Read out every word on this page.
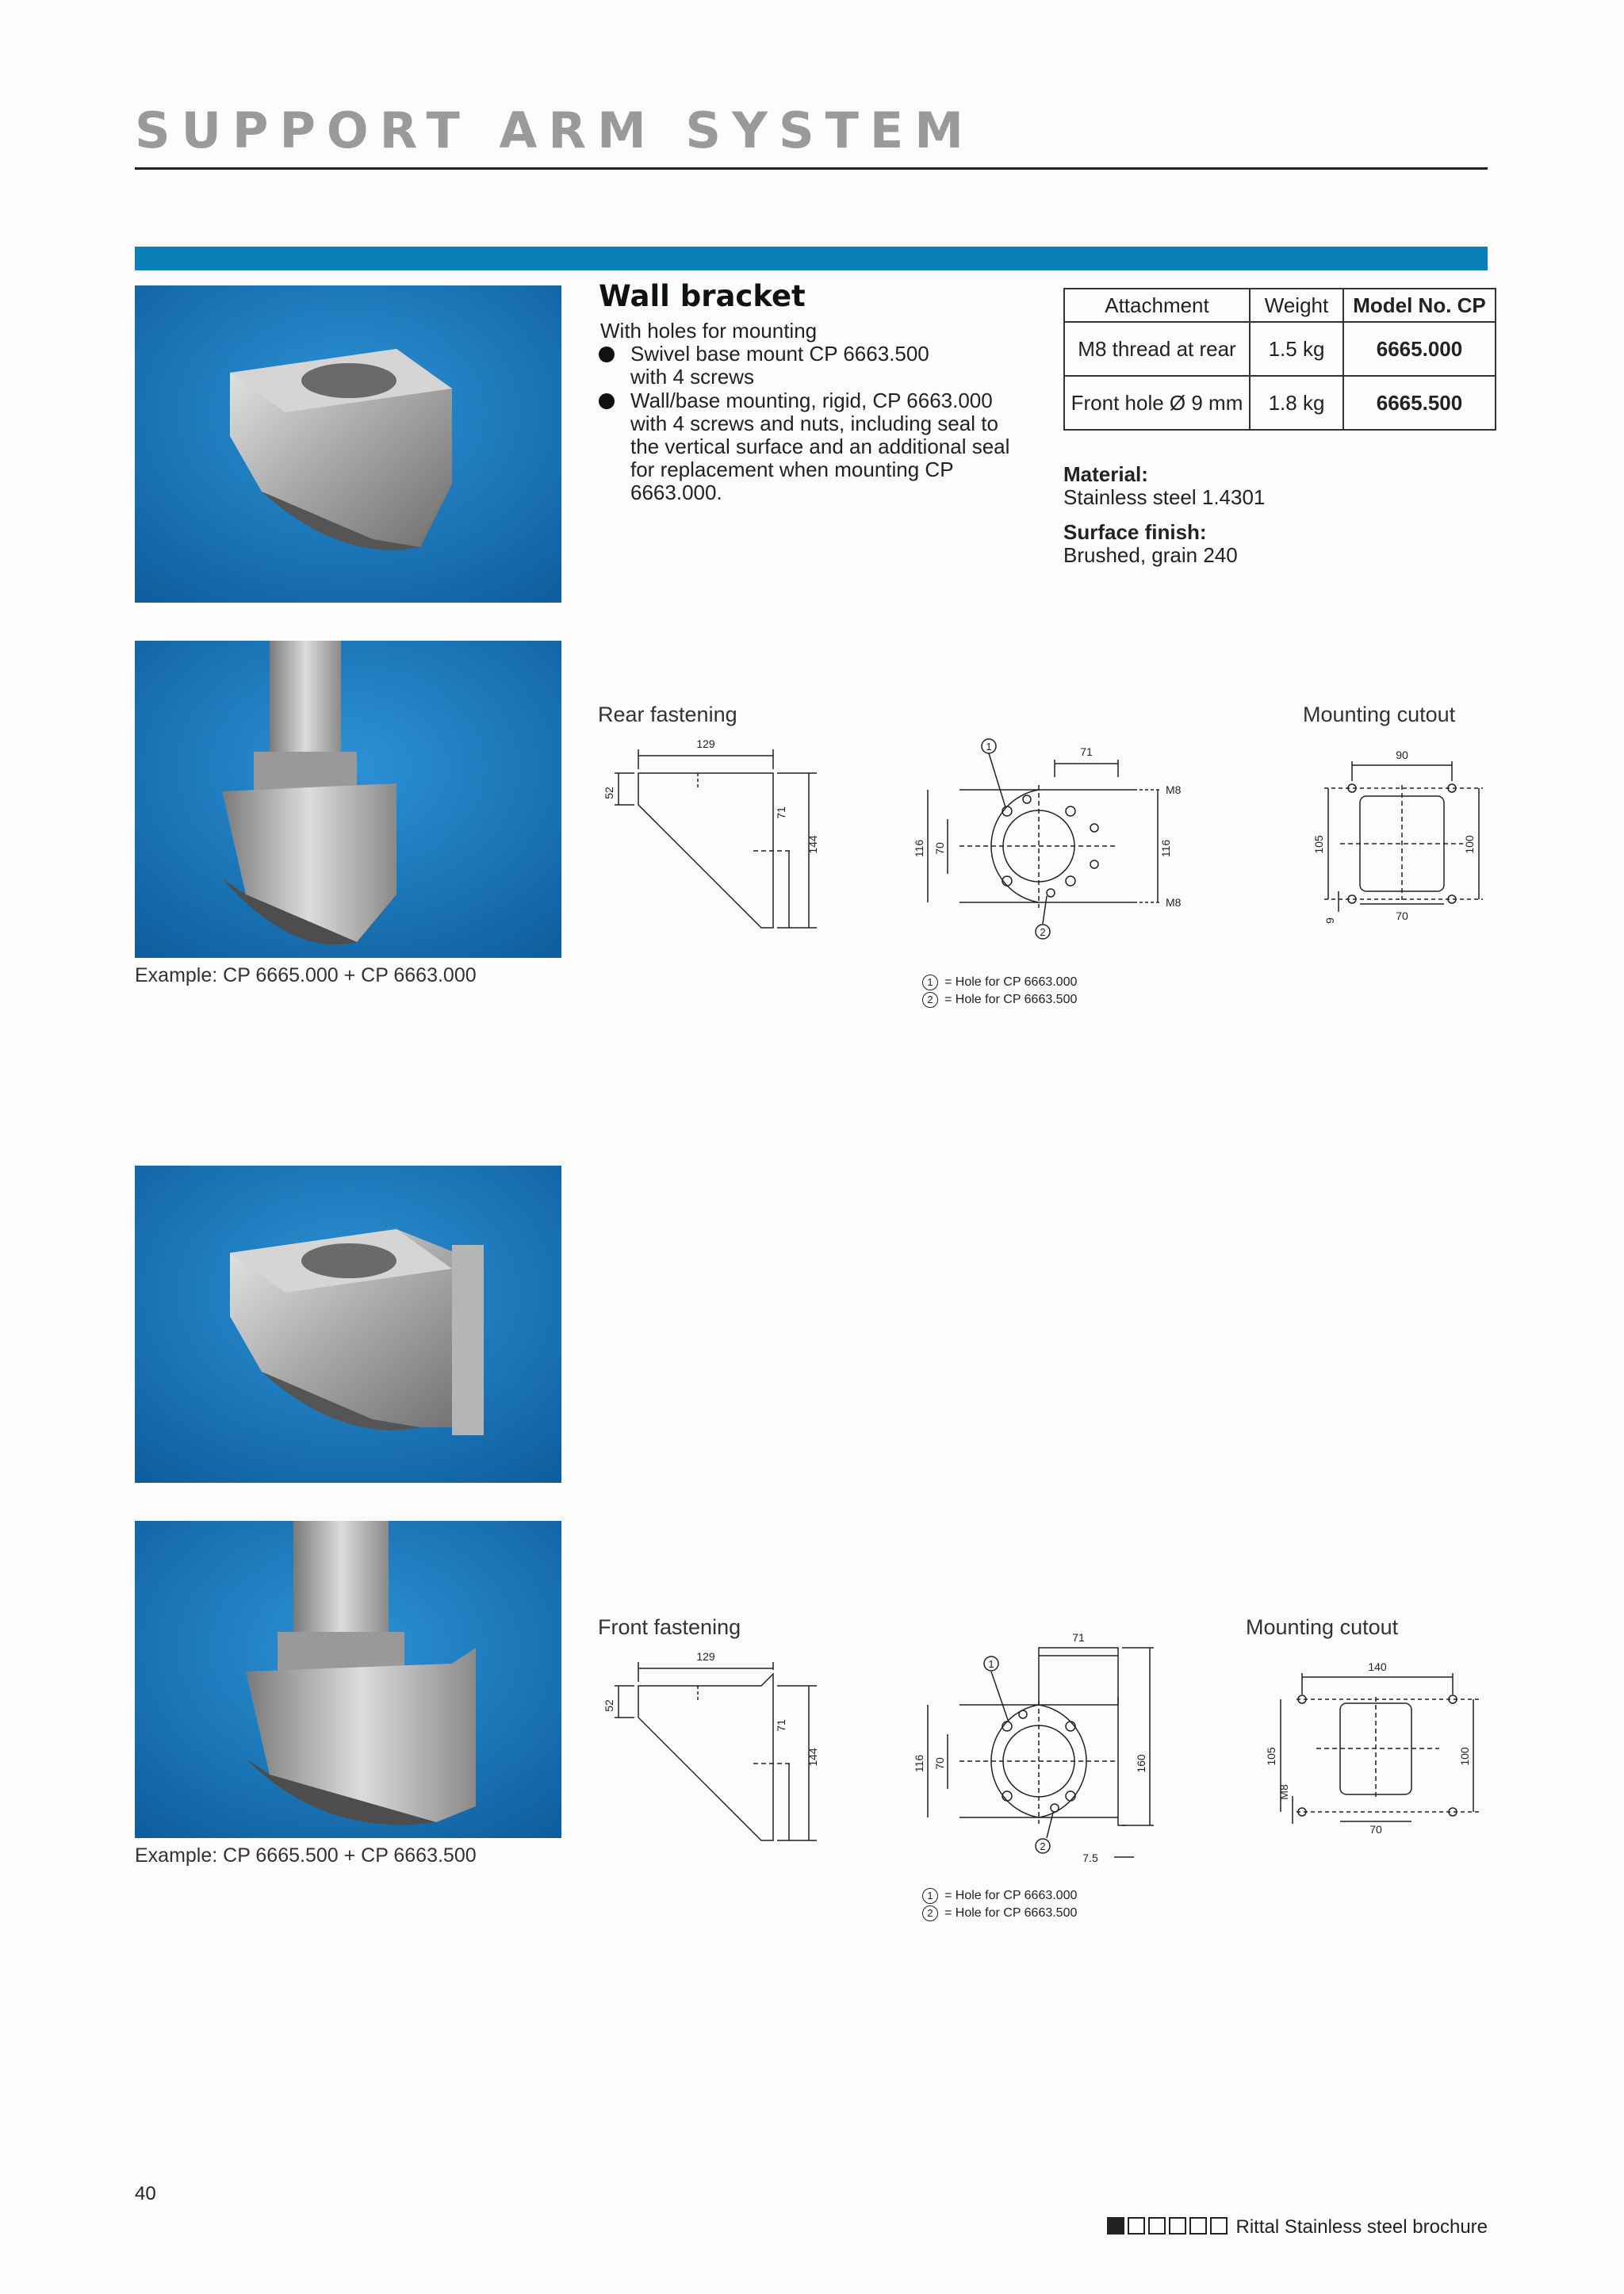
SUPPORT ARM SYSTEM
Example: CP 6665.000 + CP 6663.000
Example: CP 6665.500 + CP 6663.500
Wall bracket
With holes for mounting
Swivel base mount CP 6663.500 with 4 screws
Wall/base mounting, rigid, CP 6663.000 with 4 screws and nuts, including seal to the vertical surface and an additional seal for replacement when mounting CP 6663.000.
Attachment	Weight	Model No. CP
M8 thread at rear	1.5 kg	6665.000
Front hole Ø 9 mm	1.8 kg	6665.500
Material:
Stainless steel 1.4301
Surface finish:
Brushed, grain 240
Rear fastening	Mounting cutout
129
52
71
144
1
2
71
116 70	116
M8
M8
90
105	100
9	70
1 = Hole for CP 6663.000
2 = Hole for CP 6663.500
Front fastening	Mounting cutout
129
52
71
144
1
2
71
116 70	160
7.5
140
105
M8
100
70
1 = Hole for CP 6663.000
2 = Hole for CP 6663.500
40
Rittal Stainless steel brochure
